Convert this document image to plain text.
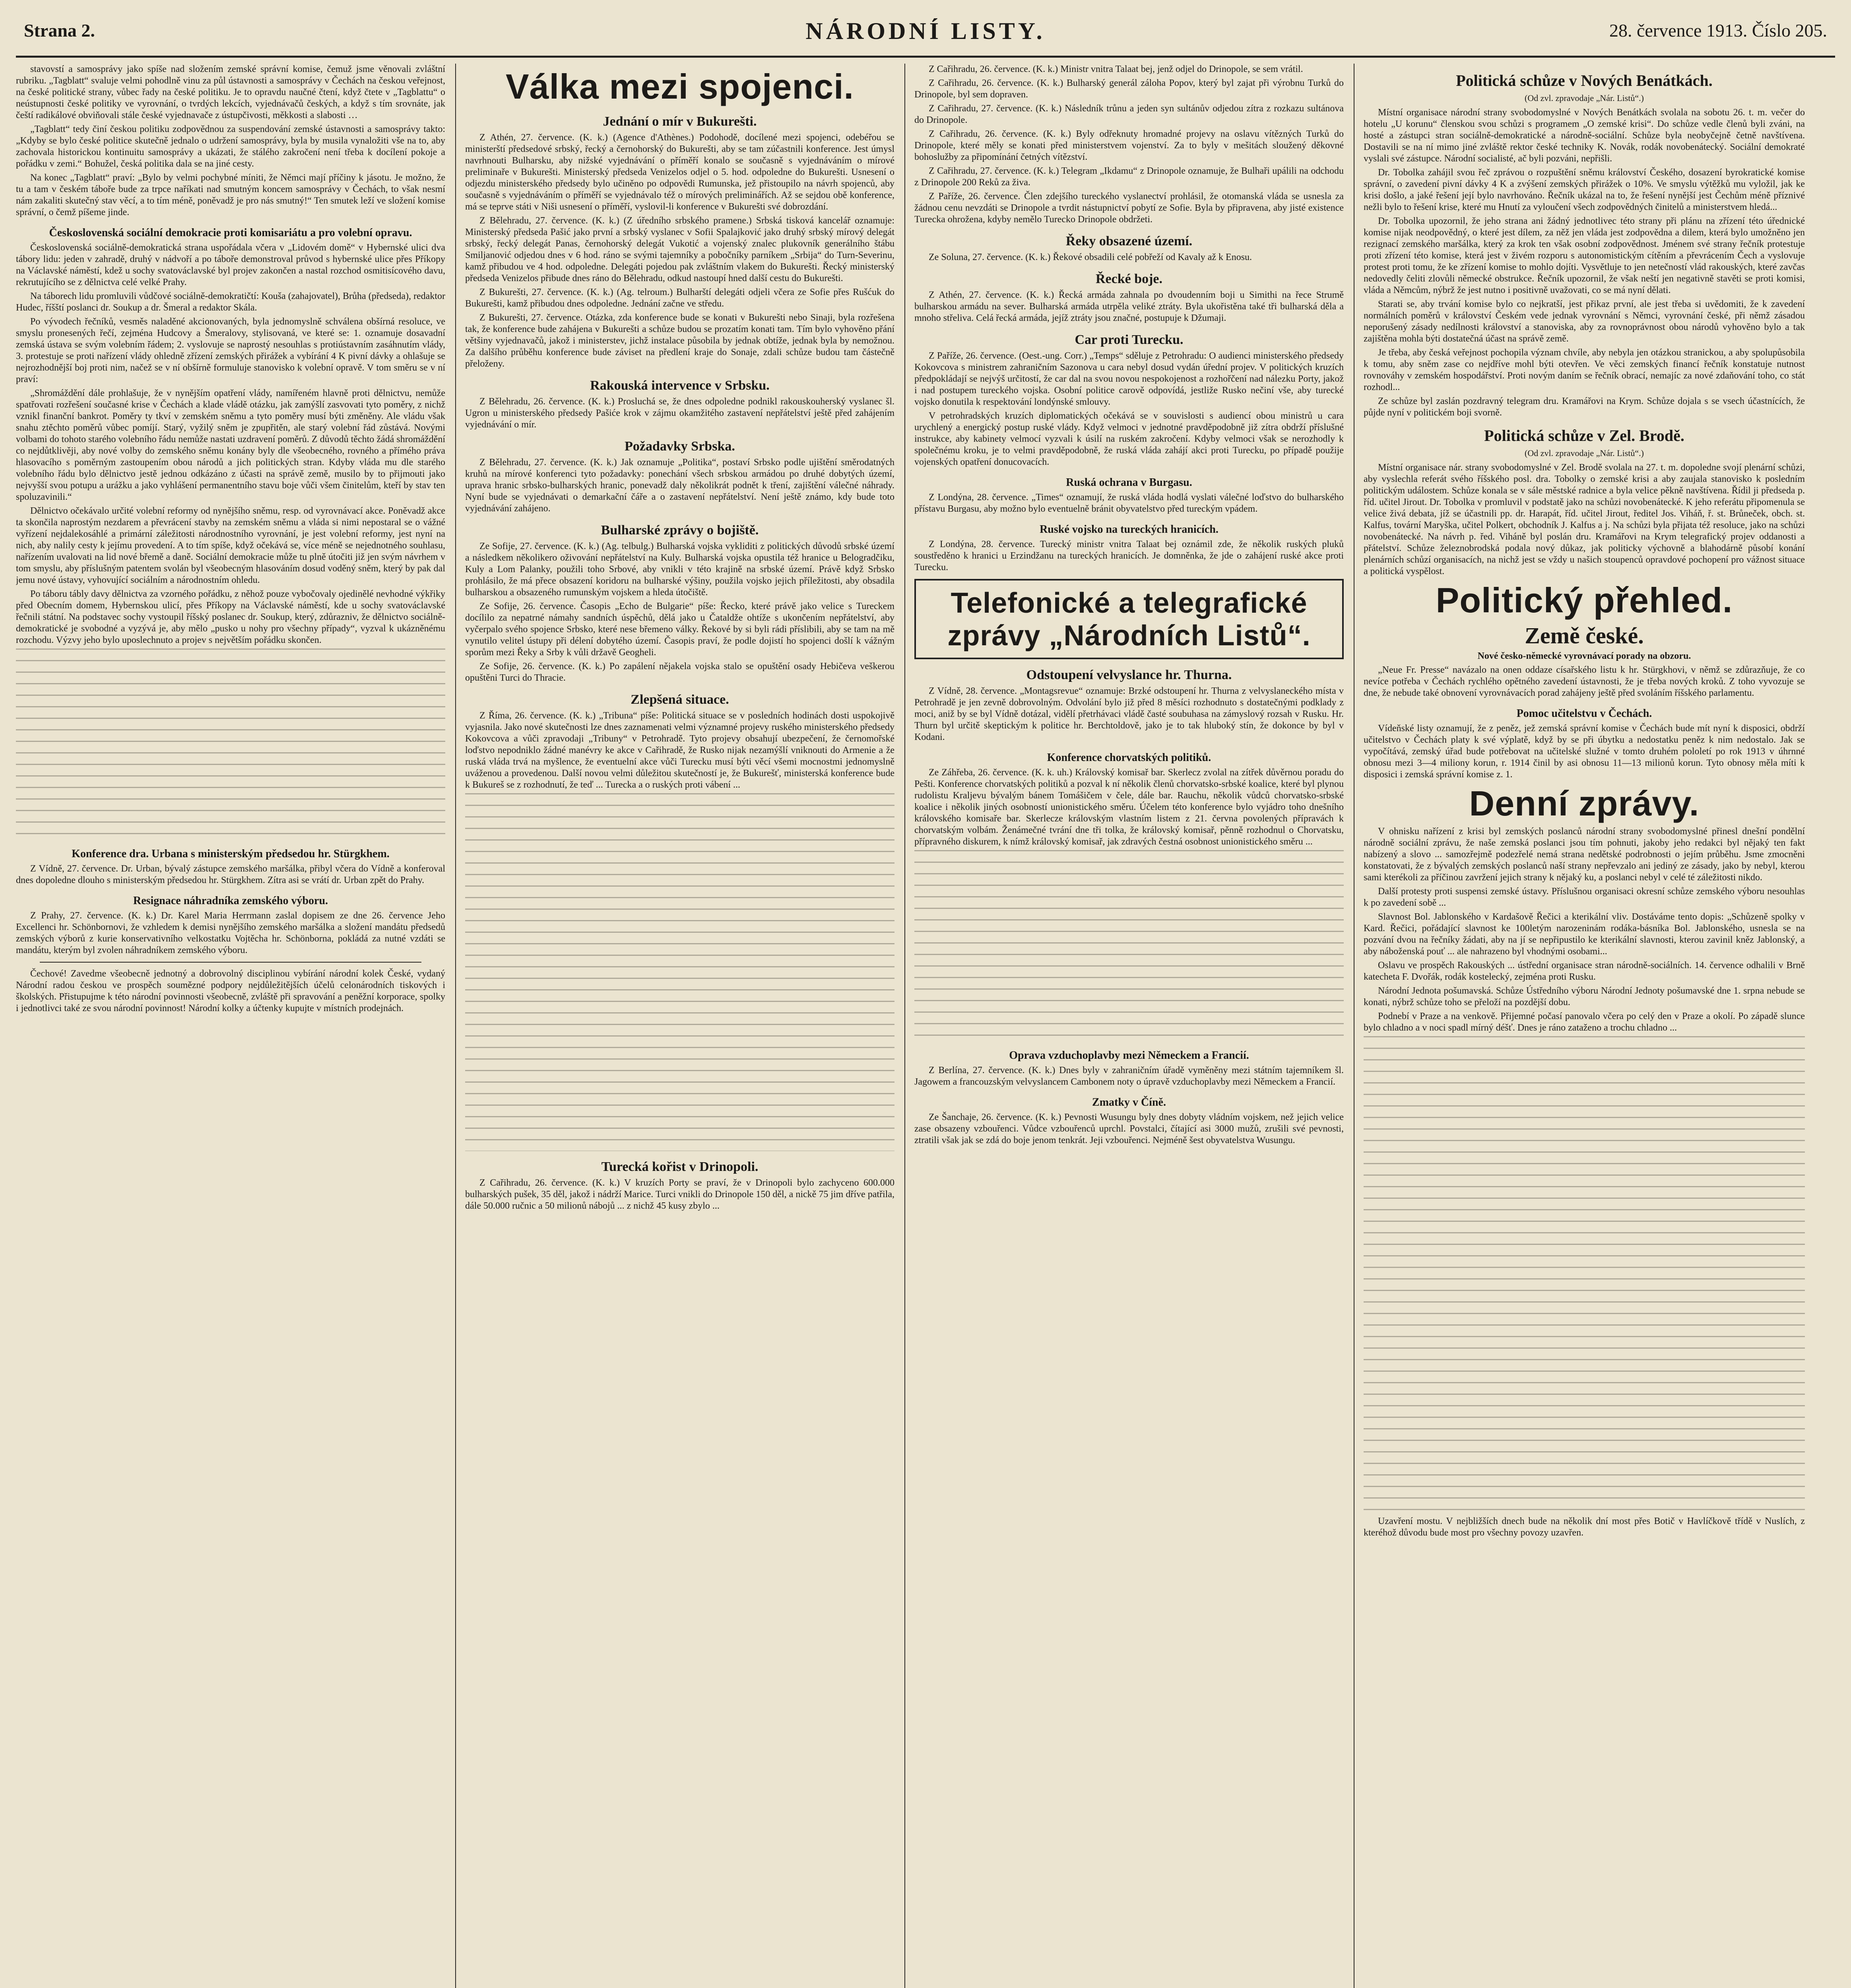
Strana 2.	NÁRODNÍ LISTY.	28. července 1913. Číslo 205.

stavovstí a samosprávy jako spíše nad složením zemské správní komise, čemuž jsme věnovali zvláštní rubriku. „Tagblatt“ svaluje velmi pohodlně vinu za půl ústavnosti a samosprávy v Čechách na českou veřejnost, na české politické strany, vůbec řady na české politiku. Je to opravdu naučné čtení, když čtete v „Tagblattu“ o neústupnosti české politiky ve vyrovnání, o tvrdých lekcích, vyjednávačů českých, a když s tím srovnáte, jak čeští radikálové obviňovali stále české vyjednavače z ústupčivosti, měkkosti a slabosti …

„Tagblatt“ tedy činí českou politiku zodpovědnou za suspendování zemské ústavnosti a samosprávy takto: „Kdyby se bylo české politice skutečně jednalo o udržení samosprávy, byla by musila vynaložiti vše na to, aby zachovala historickou kontinuitu samosprávy a ukázati, že stálého zakročení není třeba k docílení pokoje a pořádku v zemi.“ Bohužel, česká politika dala se na jiné cesty.

Na konec „Tagblatt“ praví: „Bylo by velmi pochybné míniti, že Němci mají příčiny k jásotu. Je možno, že tu a tam v českém táboře bude za trpce naříkati nad smutným koncem samosprávy v Čechách, to však nesmí nám zakaliti skutečný stav věcí, a to tím méně, poněvadž je pro nás smutný!“ Ten smutek leží ve složení komise správní, o čemž píšeme jinde.

Československá sociální demokracie proti komisariátu a pro volební opravu.

Československá sociálně-demokratická strana uspořádala včera v „Lidovém domě“ v Hybernské ulici dva tábory lidu: jeden v zahradě, druhý v nádvoří a po táboře demonstroval průvod s hybernské ulice přes Příkopy na Václavské náměstí, kdež u sochy svatováclavské byl projev zakončen a nastal rozchod osmitisícového davu, rekrutujícího se z dělnictva celé velké Prahy.

Na táborech lidu promluvili vůdčové sociálně-demokratičtí: Kouša (zahajovatel), Brůha (předseda), redaktor Hudec, říšští poslanci dr. Soukup a dr. Šmeral a redaktor Skála.

Po vývodech řečníků, vesměs naladěné akcionovaných, byla jednomyslně schválena obšírná resoluce, ve smyslu pronesených řečí, zejména Hudcovy a Šmeralovy, stylisovaná, ve které se: 1. oznamuje dosavadní zemská ústava se svým volebním řádem; 2. vyslovuje se naprostý nesouhlas s protiústavním zasáhnutím vlády, 3. protestuje se proti nařízení vlády ohledně zřízení zemských přirážek a vybírání 4 K pivní dávky a ohlašuje se nejrozhodnější boj proti nim, načež se v ní obšírně formuluje stanovisko k volební opravě. V tom směru se v ní praví:

„Shromáždění dále prohlašuje, že v nynějším opatření vlády, namířeném hlavně proti dělnictvu, nemůže spatřovati rozřešení současné krise v Čechách a klade vládě otázku, jak zamýšlí zasvovati tyto poměry, z nichž vznikl finanční bankrot. Poměry ty tkví v zemském sněmu a tyto poměry musí býti změněny. Ale vládu však snahu ztěchto poměrů vůbec pomíjí. Starý, vyžilý sněm je zpupřitěn, ale starý volební řád zůstává. Novými volbami do tohoto starého volebního řádu nemůže nastati uzdravení poměrů. Z důvodů těchto žádá shromáždění co nejdůtklivěji, aby nové volby do zemského sněmu konány byly dle všeobecného, rovného a přímého práva hlasovacího s poměrným zastoupením obou národů a jich politických stran. Kdyby vláda mu dle starého volebního řádu bylo dělnictvo jestě jednou odkázáno z účasti na správě země, musilo by to přijmouti jako nejvyšší svou potupu a urážku a jako vyhlášení permanentního stavu boje vůči všem činitelům, kteří by stav ten spoluzavinili.“

Dělnictvo očekávalo určité volební reformy od nynějšího sněmu, resp. od vyrovnávací akce. Poněvadž akce ta skončila naprostým nezdarem a převrácení stavby na zemském sněmu a vláda si nimi nepostaral se o vážné vyřízení nejdalekosáhlé a primární záležitosti národnostního vyrovnání, je jest volební reformy, jest nyní na nich, aby nalily cesty k jejímu provedení. A to tím spíše, když očekává se, více méně se nejednotného souhlasu, nařízením uvalovati na lid nové břemě a daně. Sociální demokracie může tu plně útočiti již jen svým návrhem v tom smyslu, aby příslušným patentem svolán byl všeobecným hlasováním dosud voděný sněm, který by pak dal jemu nové ústavy, vyhovující sociálním a národnostním ohledu.

Po táboru tábly davy dělnictva za vzorného pořádku, z něhož pouze vybočovaly ojedinělé nevhodné výkřiky před Obecním domem, Hybernskou ulicí, přes Příkopy na Václavské náměstí, kde u sochy svatováclavské řečnili státní. Na podstavec sochy vystoupil říšský poslanec dr. Soukup, který, zdůrazniv, že dělnictvo sociálně-demokratické je svobodné a vyzývá je, aby mělo „pusko u nohy pro všechny případy“, vyzval k ukázněnému rozchodu. Výzvy jeho bylo uposlechnuto a projev s největším pořádku skončen.

Konference dra. Urbana s ministerským předsedou hr. Stürgkhem.

Z Vídně, 27. července. Dr. Urban, bývalý zástupce zemského maršálka, přibyl včera do Vídně a konferoval dnes dopoledne dlouho s ministerským předsedou hr. Stürgkhem. Zítra asi se vrátí dr. Urban zpět do Prahy.

Resignace náhradníka zemského výboru.

Z Prahy, 27. července. (K. k.) Dr. Karel Maria Herrmann zaslal dopisem ze dne 26. července Jeho Excellenci hr. Schönbornovi, že vzhledem k demisi nynějšího zemského maršálka a složení mandátu předsedů zemských výborů z kurie konservativního velkostatku Vojtěcha hr. Schönborna, pokládá za nutné vzdáti se mandátu, kterým byl zvolen náhradníkem zemského výboru.

Čechové! Zavedme všeobecně jednotný a dobrovolný disciplinou vybírání národní kolek České, vydaný Národní radou českou ve prospěch soumězné podpory nejdůležitějších účelů celonárodních tiskových i školských. Přistupujme k této národní povinnosti všeobecně, zvláště při spravování a peněžní korporace, spolky i jednotlivci také ze svou národní povinnost! Národní kolky a účtenky kupujte v místních prodejnách.

Válka mezi spojenci.
Jednání o mír v Bukurešti.

Z Athén, 27. července. (K. k.) (Agence d'Athènes.) Podohodě, docílené mezi spojenci, odebéřou se ministerští předsedové srbský, řecký a černohorský do Bukurešti, aby se tam zúčastnili konference. Jest úmysl navrhnouti Bulharsku, aby nižské vyjednávání o příměří konalo se současně s vyjednáváním o mírové preliminaře v Bukurešti. Ministerský předseda Venizelos odjel o 5. hod. odpoledne do Bukurešti. Usnesení o odjezdu ministerského předsedy bylo učiněno po odpovědi Rumunska, jež přistoupilo na návrh spojenců, aby současně s vyjednáváním o příměří se vyjednávalo též o mírových preliminářích. Až se sejdou obě konference, má se teprve státi v Niši usnesení o příměří, vyslovil-li konference v Bukurešti své dobrozdání.

Z Bělehradu, 27. července. (K. k.) (Z úředního srbského pramene.) Srbská tisková kancelář oznamuje: Ministerský předseda Pašić jako první a srbský vyslanec v Sofii Spalajković jako druhý srbský mírový delegát srbský, řecký delegát Panas, černohorský delegát Vukotić a vojenský znalec plukovník generálního štábu Smiljanović odjedou dnes v 6 hod. ráno se svými tajemníky a pobočníky parníkem „Srbija“ do Turn-Severinu, kamž přibudou ve 4 hod. odpoledne. Delegáti pojedou pak zvláštním vlakem do Bukurešti. Řecký ministerský předseda Venizelos přibude dnes ráno do Bělehradu, odkud nastoupí hned další cestu do Bukurešti.

Z Bukurešti, 27. července. (K. k.) (Ag. telroum.) Bulharští delegáti odjeli včera ze Sofie přes Rušćuk do Bukurešti, kamž přibudou dnes odpoledne. Jednání začne ve středu.

Z Bukurešti, 27. července. Otázka, zda konference bude se konati v Bukurešti nebo Sinaji, byla rozřešena tak, že konference bude zahájena v Bukurešti a schůze budou se prozatím konati tam. Tím bylo vyhověno přání většiny vyjednavačů, jakož i ministerstev, jichž instalace působila by jednak obtíže, jednak byla by nemožnou. Za dalšího průběhu konference bude záviset na předlení kraje do Sonaje, zdali schůze budou tam částečně přeloženy.

Rakouská intervence v Srbsku.

Z Bělehradu, 26. července. (K. k.) Prosluchá se, že dnes odpoledne podnikl rakouskouherský vyslanec šl. Ugron u ministerského předsedy Pašiće krok v zájmu okamžitého zastavení nepřátelství ještě před zahájením vyjednávání o mír.

Požadavky Srbska.

Z Bělehradu, 27. července. (K. k.) Jak oznamuje „Politika“, postaví Srbsko podle ujištění směrodatných kruhů na mírové konferenci tyto požadavky: ponechání všech srbskou armádou po druhé dobytých území, uprava hranic srbsko-bulharských hranic, ponevadž daly několikrát podnět k tření, zajištění válečné náhrady. Nyní bude se vyjednávati o demarkační čáře a o zastavení nepřátelství. Není ještě známo, kdy bude toto vyjednávání zahájeno.

Bulharské zprávy o bojiště.

Ze Sofije, 27. července. (K. k.) (Ag. telbulg.) Bulharská vojska vykliditi z politických důvodů srbské území a následkem několikero oživování nepřátelství na Kuly. Bulharská vojska opustila též hranice u Belogradčiku, Kuly a Lom Palanky, použili toho Srbové, aby vnikli v této krajině na srbské území. Právě když Srbsko prohlásilo, že má přece obsazení koridoru na bulharské výšiny, použila vojsko jejich příležitosti, aby obsadila bulharskou a obsazeného rumunským vojskem a hleda útočiště.

Ze Sofije, 26. července. Časopis „Echo de Bulgarie“ píše: Řecko, které právě jako velice s Tureckem docílilo za nepatrné námahy sandních úspěchů, dělá jako u Čataldže ohtíže s ukončením nepřátelství, aby vyčerpalo svého spojence Srbsko, které nese břemeno války. Řekové by si byli rádi příslibili, aby se tam na mě vynutilo velitel ústupy při délení dobytého území. Časopis praví, že podle dojistí ho spojenci došlí k vážným sporům mezi Řeky a Srby k vůli državě Geogheli.

Ze Sofije, 26. července. (K. k.) Po zapálení nějakela vojska stalo se opuštění osady Hebičeva veškerou opuštěni Turci do Thracie.

Zlepšená situace.

Z Říma, 26. července. (K. k.) „Tribuna“ píše: Politická situace se v posledních hodinách dosti uspokojivě vyjasnila. Jako nové skutečnosti lze dnes zaznamenati velmi významné projevy ruského ministerského předsedy Kokovcova a vůči zpravodaji „Tribuny“ v Petrohradě. Tyto projevy obsahují ubezpečení, že černomořské loďstvo nepodniklo žádné manévry ke akce v Cařihradě, že Rusko nijak nezamýšlí vniknouti do Armenie a že ruská vláda trvá na myšlence, že eventuelní akce vůči Turecku musí býti věcí všemi mocnostmi jednomyslně uváženou a provedenou. Další novou velmi důležitou skutečností je, že Bukurešť, ministerská konference bude k Bukureš se z rozhodnutí, že teď ... Turecka a o ruských proti vábení ...

Turecká kořist v Drinopoli.

Z Cařihradu, 26. července. (K. k.) V kruzích Porty se praví, že v Drinopoli bylo zachyceno 600.000 bulharských pušek, 35 děl, jakož i nádrží Marice. Turci vnikli do Drinopole 150 děl, a nickě 75 jim dříve patřila, dále 50.000 ručnic a 50 milionů nábojů ... z nichž 45 kusy zbylo ...

Z Cařihradu, 26. července. (K. k.) Ministr vnitra Talaat bej, jenž odjel do Drinopole, se sem vrátil.

Z Cařihradu, 26. července. (K. k.) Bulharský generál záloha Popov, který byl zajat při výrobnu Turků do Drinopole, byl sem dopraven.

Z Cařihradu, 27. července. (K. k.) Následník trůnu a jeden syn sultánův odjedou zítra z rozkazu sultánova do Drinopole.

Z Cařihradu, 26. července. (K. k.) Byly odřeknuty hromadné projevy na oslavu vítězných Turků do Drinopole, které měly se konati před ministerstvem vojenství. Za to byly v mešitách sloužený děkovné bohoslužby za připomínání četných vítězství.

Z Cařihradu, 27. července. (K. k.) Telegram „Ikdamu“ z Drinopole oznamuje, že Bulhaři upálili na odchodu z Drinopole 200 Reků za živa.

Z Paříže, 26. července. Člen zdejšího tureckého vyslanectví prohlásil, že otomanská vláda se usnesla za žádnou cenu nevzdáti se Drinopole a tvrdit nástupnictví pobytí ze Sofie. Byla by připravena, aby jisté existence Turecka ohrožena, kdyby nemělo Turecko Drinopole obdržeti.

Řeky obsazené území.

Ze Soluna, 27. července. (K. k.) Řekové obsadili celé pobřeží od Kavaly až k Enosu.

Řecké boje.

Z Athén, 27. července. (K. k.) Řecká armáda zahnala po dvoudenním boji u Simithi na řece Strumě bulharskou armádu na sever. Bulharská armáda utrpěla veliké ztráty. Byla ukořistěna také tři bulharská děla a mnoho střeliva. Celá řecká armáda, jejíž ztráty jsou značné, postupuje k Džumaji.

Car proti Turecku.

Z Paříže, 26. července. (Oest.-ung. Corr.) „Temps“ sděluje z Petrohradu: O audienci ministerského předsedy Kokovcova s ministrem zahraničním Sazonova u cara nebyl dosud vydán úřední projev. V politických kruzích předpokládají se nejvýš určitostí, že car dal na svou novou nespokojenost a rozhořčení nad nálezku Porty, jakož i nad postupem tureckého vojska. Osobní politice carově odpovídá, jestliže Rusko nečiní vše, aby turecké vojsko donutila k respektování londýnské smlouvy.

V petrohradských kruzích diplomatických očekává se v souvislosti s audiencí obou ministrů u cara urychlený a energický postup ruské vlády. Když velmoci v jednotné pravděpodobně již zítra obdrží příslušné instrukce, aby kabinety velmocí vyzvali k úsilí na ruském zakročení. Kdyby velmoci však se nerozhodly k společnému kroku, je to velmi pravděpodobně, že ruská vláda zahájí akci proti Turecku, po případě použije vojenských opatření donucovacích.

Ruská ochrana v Burgasu.

Z Londýna, 28. července. „Times“ oznamují, že ruská vláda hodlá vyslati válečné loďstvo do bulharského přístavu Burgasu, aby možno bylo eventuelně bránit obyvatelstvo před tureckým vpádem.

Ruské vojsko na tureckých hranicích.

Z Londýna, 28. července. Turecký ministr vnitra Talaat bej oznámil zde, že několik ruských pluků soustředěno k hranici u Erzindžanu na tureckých hranicích. Je domněnka, že jde o zahájení ruské akce proti Turecku.

Telefonické a telegrafické zprávy „Národních Listů“.
Odstoupení velvyslance hr. Thurna.

Z Vídně, 28. července. „Montagsrevue“ oznamuje: Brzké odstoupení hr. Thurna z velvyslaneckého místa v Petrohradě je jen zevně dobrovolným. Odvolání bylo již před 8 měsíci rozhodnuto s dostatečnými podklady z moci, aniž by se byl Vídně dotázal, vidělí přetrhávaci vládě časté soubuhasa na zámyslový rozsah v Rusku. Hr. Thurn byl určitě skeptickým k politice hr. Berchtoldově, jako je to tak hluboký stín, že dokonce by byl v Kodani.

Konference chorvatských politiků.

Ze Záhřeba, 26. července. (K. k. uh.) Královský komisař bar. Skerlecz zvolal na zítřek důvěrnou poradu do Pešti. Konference chorvatských politiků a pozval k ní několik členů chorvatsko-srbské koalice, které byl plynou rudolistu Kraljevu bývalým bánem Tomášičem v čele, dále bar. Rauchu, několik vůdců chorvatsko-srbské koalice i několik jiných osobností unionistického směru. Účelem této konference bylo vyjádro toho dnešního královského komisaře bar. Skerlecze královským vlastním listem z 21. června povolených přípravách k chorvatským volbám. Ženámečné tvrání dne tři tolka, že královský komisař, pěnně rozhodnul o Chorvatsku, přípravného diskurem, k nímž královský komisař, jak zdravých čestná osobnost unionistického směru ...

Oprava vzduchoplavby mezi Německem a Francií.

Z Berlína, 27. července. (K. k.) Dnes byly v zahraničním úřadě vyměněny mezi státním tajemníkem šl. Jagowem a francouzským velvyslancem Cambonem noty o úpravě vzduchoplavby mezi Německem a Francií.

Zmatky v Číně.

Ze Šanchaje, 26. července. (K. k.) Pevnosti Wusungu byly dnes dobyty vládním vojskem, než jejich velice zase obsazeny vzbouřenci. Vůdce vzbouřenců uprchl. Povstalci, čítající asi 3000 mužů, zrušili své pevnosti, ztratili však jak se zdá do boje jenom tenkrát. Jeji vzbouřenci. Nejméně šest obyvatelstva Wusungu.

Politická schůze v Nových Benátkách.
(Od zvl. zpravodaje „Nár. Listů“.)

Místní organisace národní strany svobodomyslné v Nových Benátkách svolala na sobotu 26. t. m. večer do hotelu „U korunu“ členskou svou schůzi s programem „O zemské krisi“. Do schůze vedle členů byli zváni, na hosté a zástupci stran sociálně-demokratické a národně-sociální. Schůze byla neobyčejně četně navštívena. Dostavili se na ní mimo jiné zvláště rektor české techniky K. Novák, rodák novobenátecký. Sociální demokraté vyslali své zástupce. Národní socialisté, ač byli pozváni, nepřišli.

Dr. Tobolka zahájil svou řeč zprávou o rozpuštění sněmu království Českého, dosazení byrokratické komise správní, o zavedení pivní dávky 4 K a zvýšení zemských přirážek o 10%. Ve smyslu výtěžků mu vyložil, jak ke krisi došlo, a jaké řešení její bylo navrhováno. Řečník ukázal na to, že řešení nynější jest Čechům méně příznivé nežli bylo to řešení krise, které mu Hnutí za vyloučení všech zodpovědných činitelů a ministerstvem hledá...

Dr. Tobolka upozornil, že jeho strana ani žádný jednotlivec této strany při plánu na zřízení této úřednické komise nijak neodpovědný, o které jest dílem, za něž jen vláda jest zodpovědna a dilem, která bylo umožněno jen rezignací zemského maršálka, který za krok ten však osobní zodpovědnost. Jménem své strany řečník protestuje proti zřízení této komise, která jest v živém rozporu s autonomistickým cítěním a převrácením Čech a vyslovuje protest proti tomu, že ke zřízení komise to mohlo dojíti. Vysvětluje to jen netečností vlád rakouských, které zavčas nedovedly čeliti zlovůli německé obstrukce. Řečník upozornil, že však neští jen negativně stavěti se proti komisi, vláda a Němcům, nýbrž že jest nutno i positivně uvažovati, co se má nyní dělati.

Starati se, aby trvání komise bylo co nejkratší, jest přikaz první, ale jest třeba si uvědomiti, že k zavedení normálních poměrů v království Českém vede jednak vyrovnání s Němci, vyrovnání české, při němž zásadou neporušený zásady nedílnosti království a stanoviska, aby za rovnoprávnost obou národů vyhověno bylo a tak zajištěna mohla býti dostatečná účast na správě země.

Je třeba, aby česká veřejnost pochopila význam chvíle, aby nebyla jen otázkou stranickou, a aby spolupůsobila k tomu, aby sněm zase co nejdříve mohl býti otevřen. Ve věci zemských financí řečník konstatuje nutnost rovnováhy v zemském hospodářství. Proti novým daním se řečník obrací, nemajíc za nové zdaňování toho, co stát rozhodl...

Ze schůze byl zaslán pozdravný telegram dru. Kramářovi na Krym. Schůze dojala s se vsech účastnících, že půjde nyní v politickém boji svorně.

Politická schůze v Zel. Brodě.
(Od zvl. zpravodaje „Nár. Listů“.)

Místní organisace nár. strany svobodomyslné v Zel. Brodě svolala na 27. t. m. dopoledne svojí plenární schůzi, aby vyslechla referát svého říšského posl. dra. Tobolky o zemské krisi a aby zaujala stanovisko k posledním politickým událostem. Schůze konala se v sále městské radnice a byla velice pěkně navštívena. Řídil ji předseda p. říd. učitel Jirout. Dr. Tobolka v promluvil v podstatě jako na schůzi novobenátecké. K jeho referátu připomenula se velice živá debata, jíž se účastnili pp. dr. Harapát, říd. učitel Jirout, ředitel Jos. Viháň, ř. st. Brůneček, obch. st. Kalfus, tovární Maryška, učitel Polkert, obchodník J. Kalfus a j. Na schůzi byla přijata též resoluce, jako na schůzi novobenátecké. Na návrh p. řed. Viháně byl poslán dru. Kramářovi na Krym telegrafický projev oddanosti a přátelství. Schůze železnobrodská podala nový důkaz, jak politicky výchovně a blahodárně působí konání plenárních schůzí organisacích, na nichž jest se vždy u našich stoupenců opravdové pochopení pro vážnost situace a politická vyspělost.

Politický přehled.
Země české.

Nové česko-německé vyrovnávací porady na obzoru.

„Neue Fr. Presse“ navázalo na onen oddaze císařského listu k hr. Stürgkhovi, v němž se zdůrazňuje, že co nevíce potřeba v Čechách rychlého opětného zavedení ústavnosti, že je třeba nových kroků. Z toho vyvozuje se dne, že nebude také obnovení vyrovnávacích porad zahájeny ještě před svoláním říšského parlamentu.

Pomoc učitelstvu v Čechách.

Vídeňské listy oznamují, že z peněz, jež zemská správní komise v Čechách bude mít nyní k disposici, obdrží učitelstvo v Čechách platy k své výplatě, když by se při úbytku a nedostatku peněz k nim nedostalo. Jak se vypočítává, zemský úřad bude potřebovat na učitelské služné v tomto druhém pololetí po rok 1913 v úhrnné obnosu mezi 3—4 miliony korun, r. 1914 činil by asi obnosu 11—13 milionů korun. Tyto obnosy měla míti k disposici i zemská správní komise z. 1.

Denní zprávy.

V ohnisku nařízení z krisi byl zemských poslanců národní strany svobodomyslné přinesl dnešní pondělní národně sociální zprávu, že naše zemská poslanci jsou tím pohnuti, jakoby jeho redakci byl nějaký ten fakt nabízený a slovo ... samozřejmě podezřelé nemá strana nedětské podrobnosti o jejím průběhu. Jsme zmocněni konstatovati, že z bývalých zemských poslanců naší strany nepřevzalo ani jediný ze zásady, jako by nebyl, kterou sami kterékoli za příčinou zavržení jejich strany k nějaký ku, a poslanci nebyl v celé té záležitosti nikdo.

Další protesty proti suspensi zemské ústavy. Příslušnou organisaci okresní schůze zemského výboru nesouhlas k po zavedení sobě ...

Slavnost Bol. Jablonského v Kardašově Řečici a kterikální vliv. Dostáváme tento dopis: „Schůzeně spolky v Kard. Řečici, pořádající slavnost ke 100letým narozeninám rodáka-básníka Bol. Jablonského, usnesla se na pozvání dvou na řečníky žádati, aby na jí se nepřipustilo ke kterikální slavnosti, kterou zavinil kněz Jablonský, a aby náboženská pouť ... ale nahrazeno byl vhodnými osobami...

Oslavu ve prospěch Rakouských ... ústřední organisace stran národně-sociálních. 14. července odhalili v Brně katecheta F. Dvořák, rodák kostelecký, zejména proti Rusku.

Národní Jednota pošumavská. Schůze Ústředního výboru Národní Jednoty pošumavské dne 1. srpna nebude se konati, nýbrž schůze toho se přeloží na pozdější dobu.

Podnebí v Praze a na venkově. Přijemné počasí panovalo včera po celý den v Praze a okolí. Po západě slunce bylo chladno a v noci spadl mírný déšť. Dnes je ráno zataženo a trochu chladno ...

Uzavření mostu. V nejbližších dnech bude na několik dní most přes Botič v Havlíčkově třídě v Nuslích, z kteréhož důvodu bude most pro všechny povozy uzavřen.
